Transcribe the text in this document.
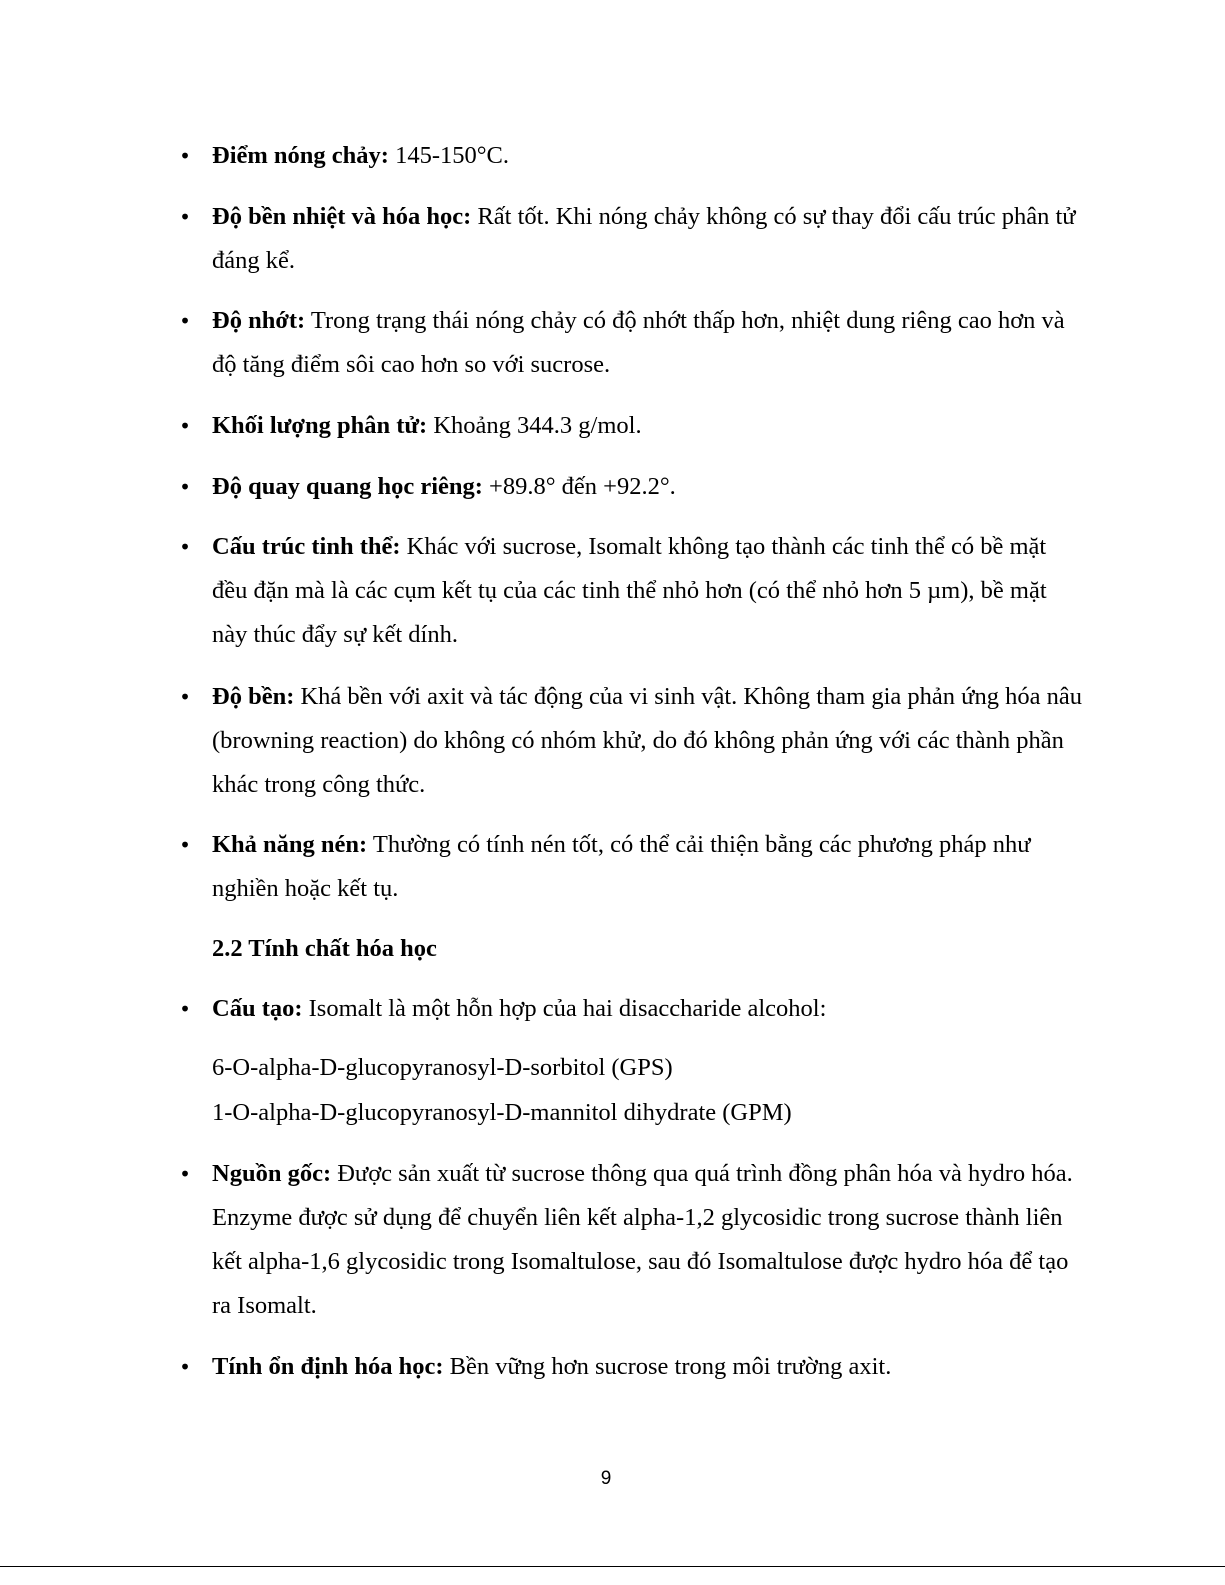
• Điểm nóng chảy: 145-150°C.
• Độ bền nhiệt và hóa học: Rất tốt. Khi nóng chảy không có sự thay đổi cấu trúc phân tử đáng kể.
• Độ nhớt: Trong trạng thái nóng chảy có độ nhớt thấp hơn, nhiệt dung riêng cao hơn và độ tăng điểm sôi cao hơn so với sucrose.
• Khối lượng phân tử: Khoảng 344.3 g/mol.
• Độ quay quang học riêng: +89.8° đến +92.2°.
• Cấu trúc tinh thể: Khác với sucrose, Isomalt không tạo thành các tinh thể có bề mặt đều đặn mà là các cụm kết tụ của các tinh thể nhỏ hơn (có thể nhỏ hơn 5 µm), bề mặt này thúc đẩy sự kết dính.
• Độ bền: Khá bền với axit và tác động của vi sinh vật. Không tham gia phản ứng hóa nâu (browning reaction) do không có nhóm khử, do đó không phản ứng với các thành phần khác trong công thức.
• Khả năng nén: Thường có tính nén tốt, có thể cải thiện bằng các phương pháp như nghiền hoặc kết tụ.
2.2 Tính chất hóa học
• Cấu tạo: Isomalt là một hỗn hợp của hai disaccharide alcohol:
6-O-alpha-D-glucopyranosyl-D-sorbitol (GPS)
1-O-alpha-D-glucopyranosyl-D-mannitol dihydrate (GPM)
• Nguồn gốc: Được sản xuất từ sucrose thông qua quá trình đồng phân hóa và hydro hóa. Enzyme được sử dụng để chuyển liên kết alpha-1,2 glycosidic trong sucrose thành liên kết alpha-1,6 glycosidic trong Isomaltulose, sau đó Isomaltulose được hydro hóa để tạo ra Isomalt.
• Tính ổn định hóa học: Bền vững hơn sucrose trong môi trường axit.
9
